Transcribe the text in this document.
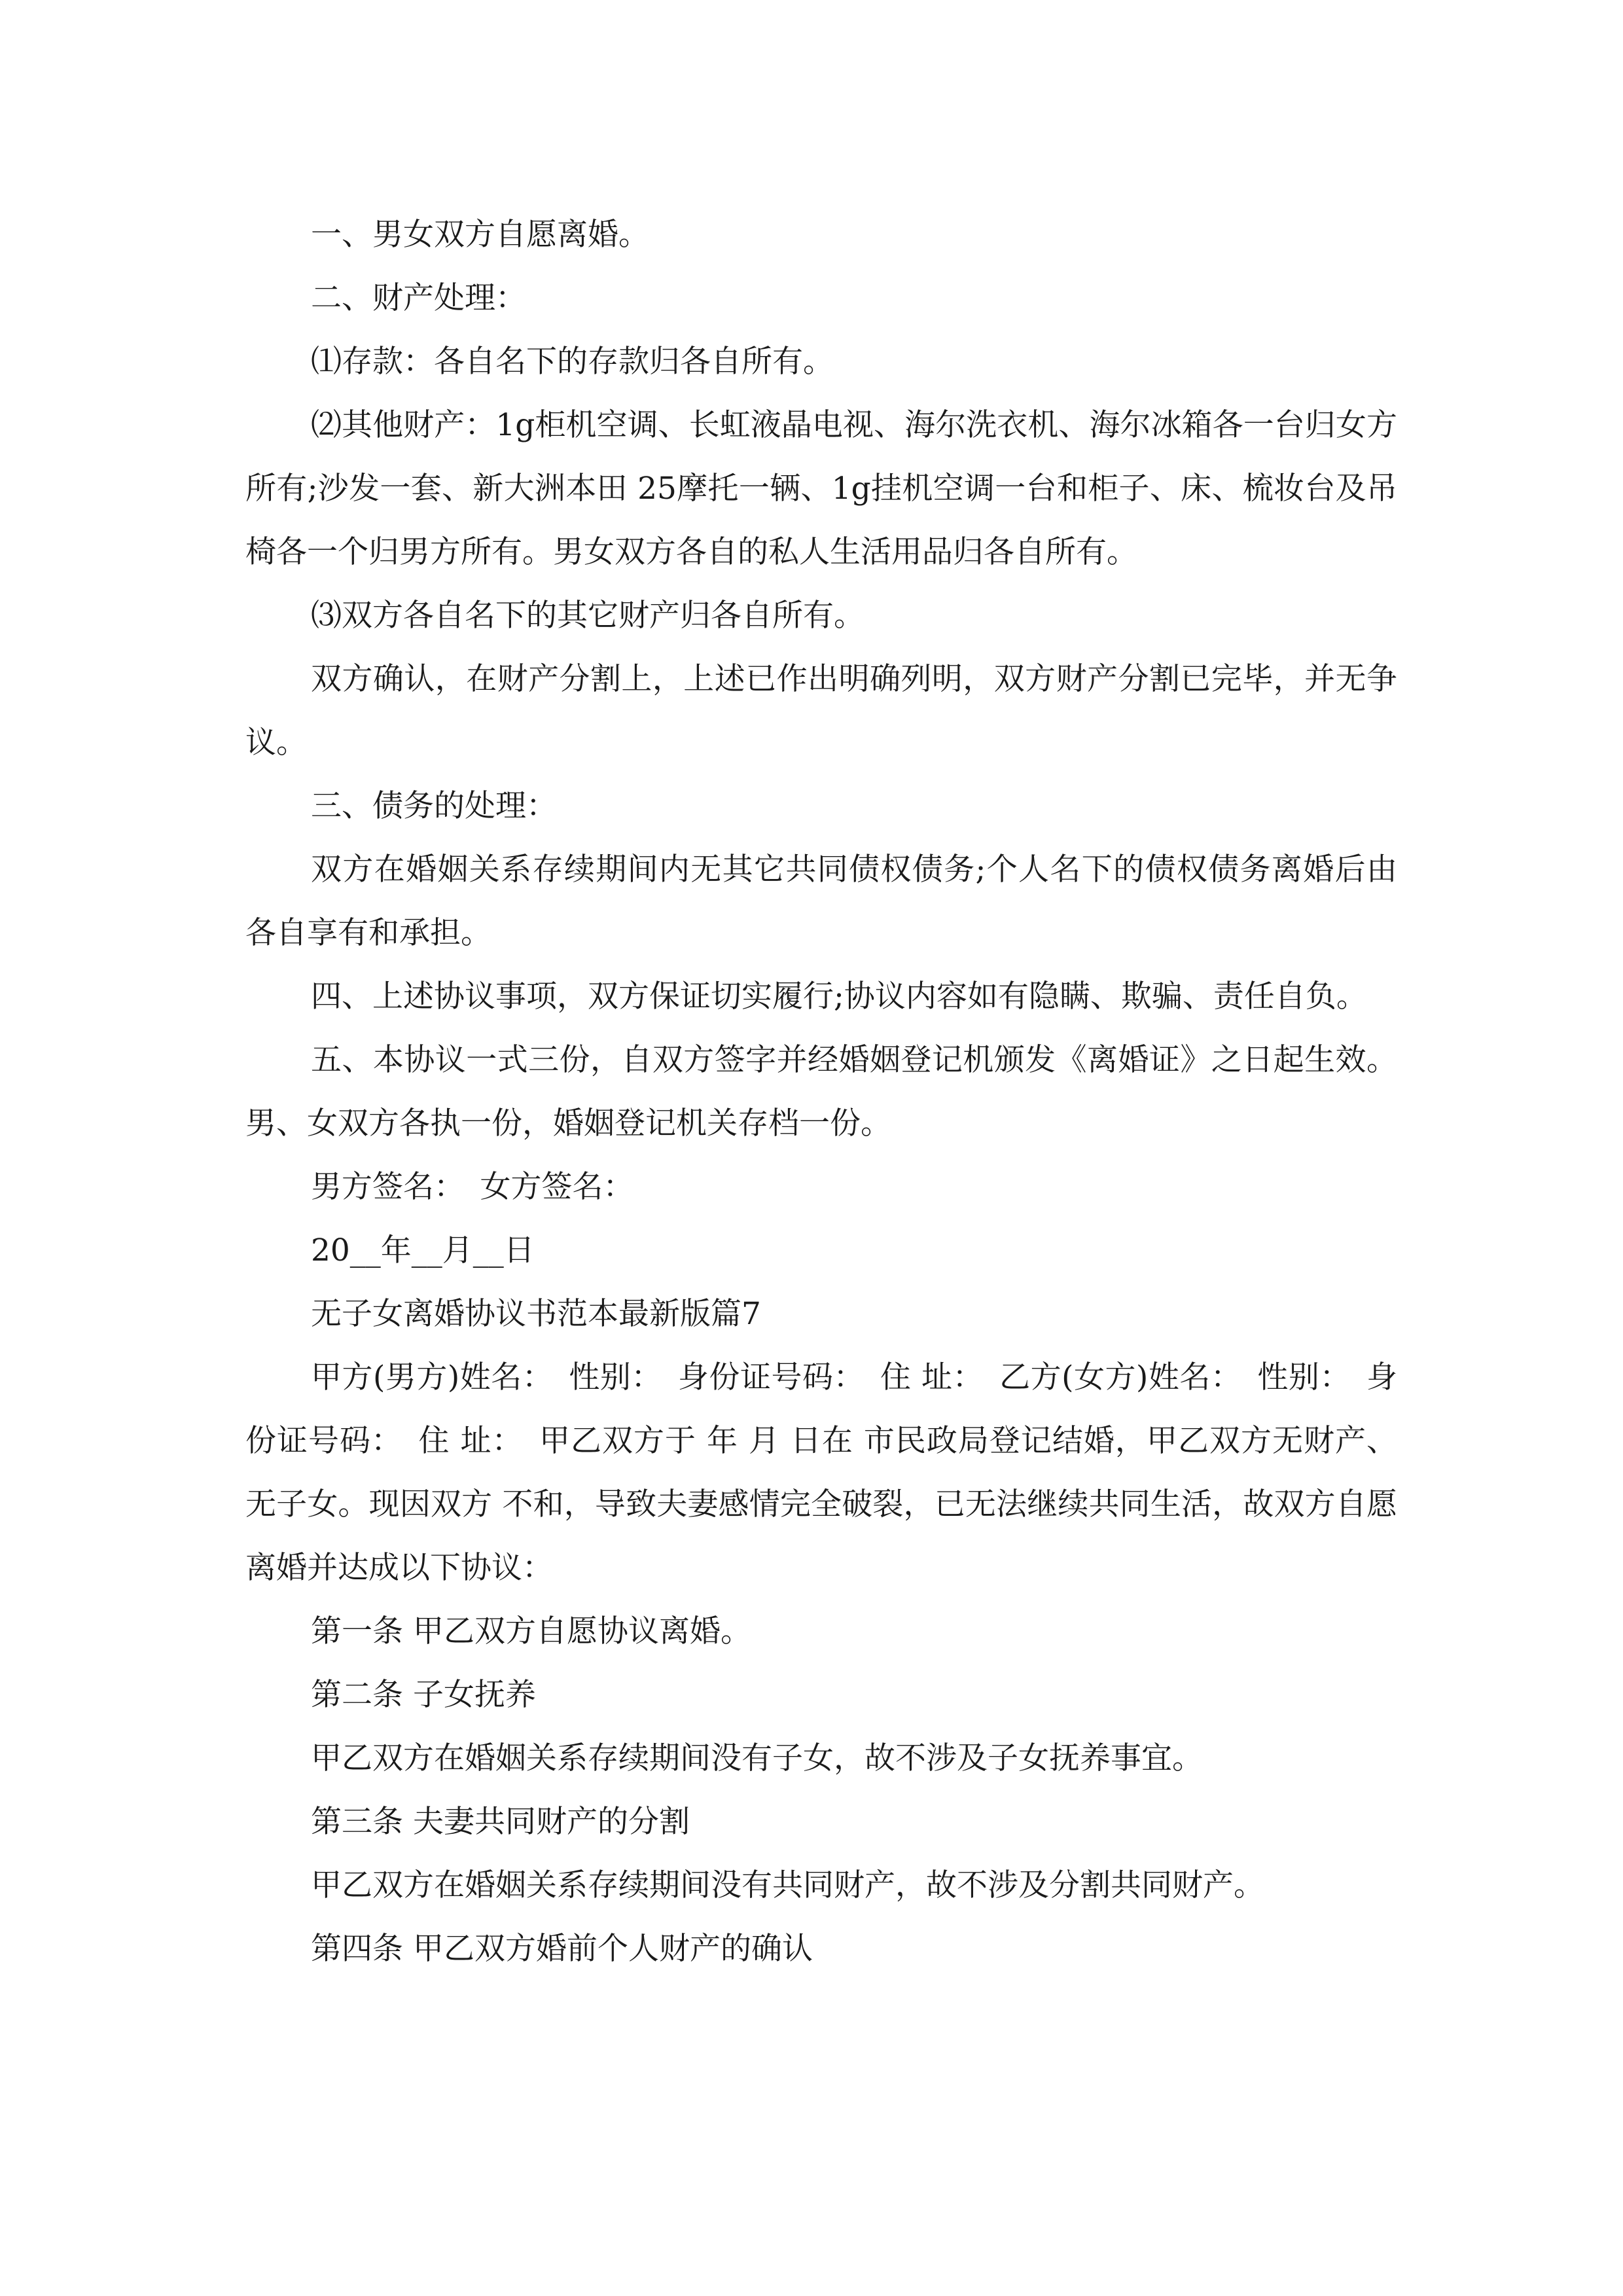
一、男女双方自愿离婚。

二、财产处理：

⑴存款：各自名下的存款归各自所有。

⑵其他财产：1g柜机空调、长虹液晶电视、海尔洗衣机、海尔冰箱各一台归女方所有;沙发一套、新大洲本田 25摩托一辆、1g挂机空调一台和柜子、床、梳妆台及吊椅各一个归男方所有。男女双方各自的私人生活用品归各自所有。

⑶双方各自名下的其它财产归各自所有。

双方确认，在财产分割上，上述已作出明确列明，双方财产分割已完毕，并无争议。

三、债务的处理：

双方在婚姻关系存续期间内无其它共同债权债务;个人名下的债权债务离婚后由各自享有和承担。

四、上述协议事项，双方保证切实履行;协议内容如有隐瞒、欺骗、责任自负。

五、本协议一式三份，自双方签字并经婚姻登记机颁发《离婚证》之日起生效。男、女双方各执一份，婚姻登记机关存档一份。

男方签名：　女方签名：

20__年__月__日

无子女离婚协议书范本最新版篇7

甲方(男方)姓名：　性别：　身份证号码：　住 址：　乙方(女方)姓名：　性别：　身份证号码：　住 址：　甲乙双方于 年 月 日在 市民政局登记结婚，甲乙双方无财产、无子女。现因双方 不和，导致夫妻感情完全破裂，已无法继续共同生活，故双方自愿离婚并达成以下协议：

第一条 甲乙双方自愿协议离婚。

第二条 子女抚养

甲乙双方在婚姻关系存续期间没有子女，故不涉及子女抚养事宜。

第三条 夫妻共同财产的分割

甲乙双方在婚姻关系存续期间没有共同财产，故不涉及分割共同财产。

第四条 甲乙双方婚前个人财产的确认
